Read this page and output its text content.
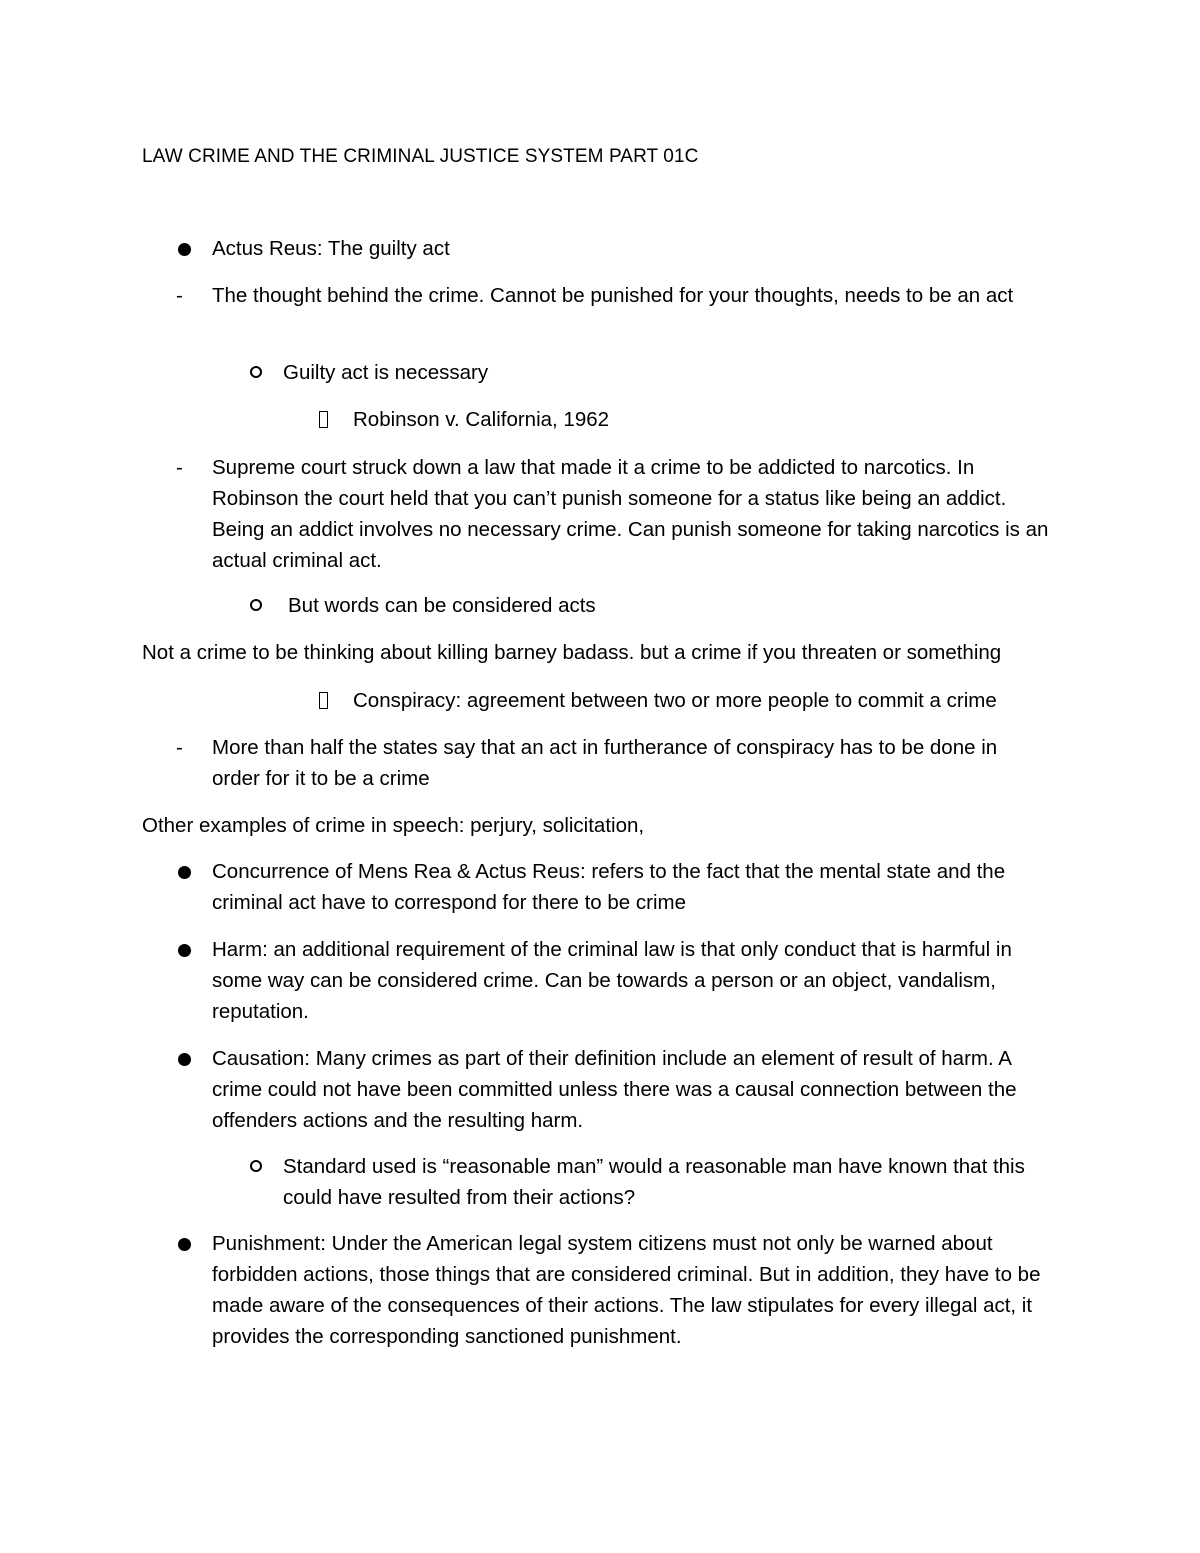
LAW CRIME AND THE CRIMINAL JUSTICE SYSTEM PART 01C
Actus Reus: The guilty act
- The thought behind the crime. Cannot be punished for your thoughts, needs to be an act
Guilty act is necessary
Robinson v. California, 1962
- Supreme court struck down a law that made it a crime to be addicted to narcotics. In Robinson the court held that you can’t punish someone for a status like being an addict. Being an addict involves no necessary crime. Can punish someone for taking narcotics is an actual criminal act.
But words can be considered acts
Not a crime to be thinking about killing barney badass. but a crime if you threaten or something
Conspiracy: agreement between two or more people to commit a crime
- More than half the states say that an act in furtherance of conspiracy has to be done in order for it to be a crime
Other examples of crime in speech: perjury, solicitation,
Concurrence of Mens Rea & Actus Reus: refers to the fact that the mental state and the criminal act have to correspond for there to be crime
Harm: an additional requirement of the criminal law is that only conduct that is harmful in some way can be considered crime. Can be towards a person or an object, vandalism, reputation.
Causation: Many crimes as part of their definition include an element of result of harm. A crime could not have been committed unless there was a causal connection between the offenders actions and the resulting harm.
Standard used is “reasonable man” would a reasonable man have known that this could have resulted from their actions?
Punishment: Under the American legal system citizens must not only be warned about forbidden actions, those things that are considered criminal. But in addition, they have to be made aware of the consequences of their actions. The law stipulates for every illegal act, it provides the corresponding sanctioned punishment.
